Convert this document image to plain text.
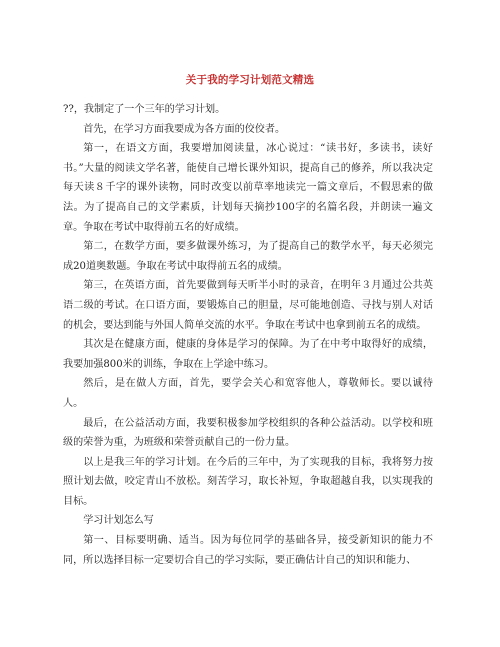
关于我的学习计划范文精选

??，我制定了一个三年的学习计划。

首先，在学习方面我要成为各方面的佼佼者。

第一，在语文方面，我要增加阅读量，冰心说过：“读书好，多读书，读好书。”大量的阅读文学名著，能使自己增长课外知识，提高自己的修养，所以我决定每天读８千字的课外读物，同时改变以前草率地读完一篇文章后，不假思索的做法。为了提高自己的文学素质，计划每天摘抄100字的名篇名段，并朗读一遍文章。争取在考试中取得前五名的好成绩。

第二，在数学方面，要多做课外练习，为了提高自己的数学水平，每天必须完成20道奥数题。争取在考试中取得前五名的成绩。

第三，在英语方面，首先要做到每天听半小时的录音，在明年３月通过公共英语二级的考试。在口语方面，要锻炼自己的胆量，尽可能地创造、寻找与别人对话的机会，要达到能与外国人简单交流的水平。争取在考试中也拿到前五名的成绩。

其次是在健康方面，健康的身体是学习的保障。为了在中考中取得好的成绩，我要加强800米的训练，争取在上学途中练习。

然后，是在做人方面，首先，要学会关心和宽容他人，尊敬师长。要以诚待人。

最后，在公益活动方面，我要积极参加学校组织的各种公益活动。以学校和班级的荣誉为重，为班级和荣誉贡献自己的一份力量。

以上是我三年的学习计划。在今后的三年中，为了实现我的目标，我将努力按照计划去做，咬定青山不放松。刻苦学习，取长补短，争取超越自我，以实现我的目标。

学习计划怎么写

第一、目标要明确、适当。因为每位同学的基础各异，接受新知识的能力不同，所以选择目标一定要切合自己的学习实际，要正确估计自己的知识和能力、
